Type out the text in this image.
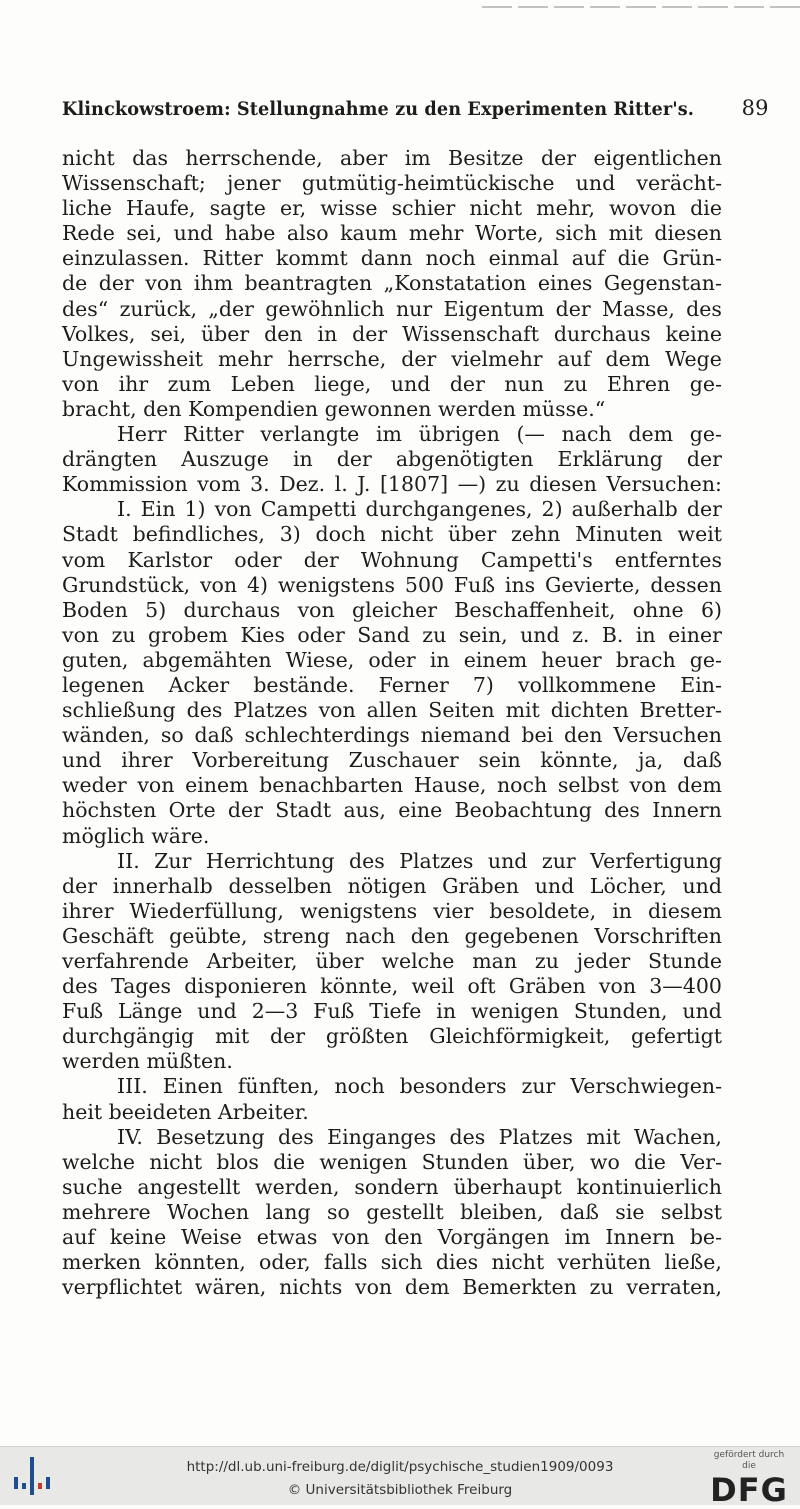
Klinckowstroem: Stellungnahme zu den Experimenten Ritter's. 89
nicht das herrschende, aber im Besitze der eigentlichen
Wissenschaft; jener gutmütig-heimtückische und verächt-
liche Haufe, sagte er, wisse schier nicht mehr, wovon die
Rede sei, und habe also kaum mehr Worte, sich mit diesen
einzulassen. Ritter kommt dann noch einmal auf die Grün-
de der von ihm beantragten „Konstatation eines Gegenstan-
des“ zurück, „der gewöhnlich nur Eigentum der Masse, des
Volkes, sei, über den in der Wissenschaft durchaus keine
Ungewissheit mehr herrsche, der vielmehr auf dem Wege
von ihr zum Leben liege, und der nun zu Ehren ge-
bracht, den Kompendien gewonnen werden müsse.“
Herr Ritter verlangte im übrigen (— nach dem ge-
drängten Auszuge in der abgenötigten Erklärung der
Kommission vom 3. Dez. l. J. [1807] —) zu diesen Versuchen:
I. Ein 1) von Campetti durchgangenes, 2) außerhalb der
Stadt befindliches, 3) doch nicht über zehn Minuten weit
vom Karlstor oder der Wohnung Campetti's entferntes
Grundstück, von 4) wenigstens 500 Fuß ins Gevierte, dessen
Boden 5) durchaus von gleicher Beschaffenheit, ohne 6)
von zu grobem Kies oder Sand zu sein, und z. B. in einer
guten, abgemähten Wiese, oder in einem heuer brach ge-
legenen Acker bestände. Ferner 7) vollkommene Ein-
schließung des Platzes von allen Seiten mit dichten Bretter-
wänden, so daß schlechterdings niemand bei den Versuchen
und ihrer Vorbereitung Zuschauer sein könnte, ja, daß
weder von einem benachbarten Hause, noch selbst von dem
höchsten Orte der Stadt aus, eine Beobachtung des Innern
möglich wäre.
II. Zur Herrichtung des Platzes und zur Verfertigung
der innerhalb desselben nötigen Gräben und Löcher, und
ihrer Wiederfüllung, wenigstens vier besoldete, in diesem
Geschäft geübte, streng nach den gegebenen Vorschriften
verfahrende Arbeiter, über welche man zu jeder Stunde
des Tages disponieren könnte, weil oft Gräben von 3—400
Fuß Länge und 2—3 Fuß Tiefe in wenigen Stunden, und
durchgängig mit der größten Gleichförmigkeit, gefertigt
werden müßten.
III. Einen fünften, noch besonders zur Verschwiegen-
heit beeideten Arbeiter.
IV. Besetzung des Einganges des Platzes mit Wachen,
welche nicht blos die wenigen Stunden über, wo die Ver-
suche angestellt werden, sondern überhaupt kontinuierlich
mehrere Wochen lang so gestellt bleiben, daß sie selbst
auf keine Weise etwas von den Vorgängen im Innern be-
merken könnten, oder, falls sich dies nicht verhüten ließe,
verpflichtet wären, nichts von dem Bemerkten zu verraten,
http://dl.ub.uni-freiburg.de/diglit/psychische_studien1909/0093
© Universitätsbibliothek Freiburg
gefördert durch die
DFG
